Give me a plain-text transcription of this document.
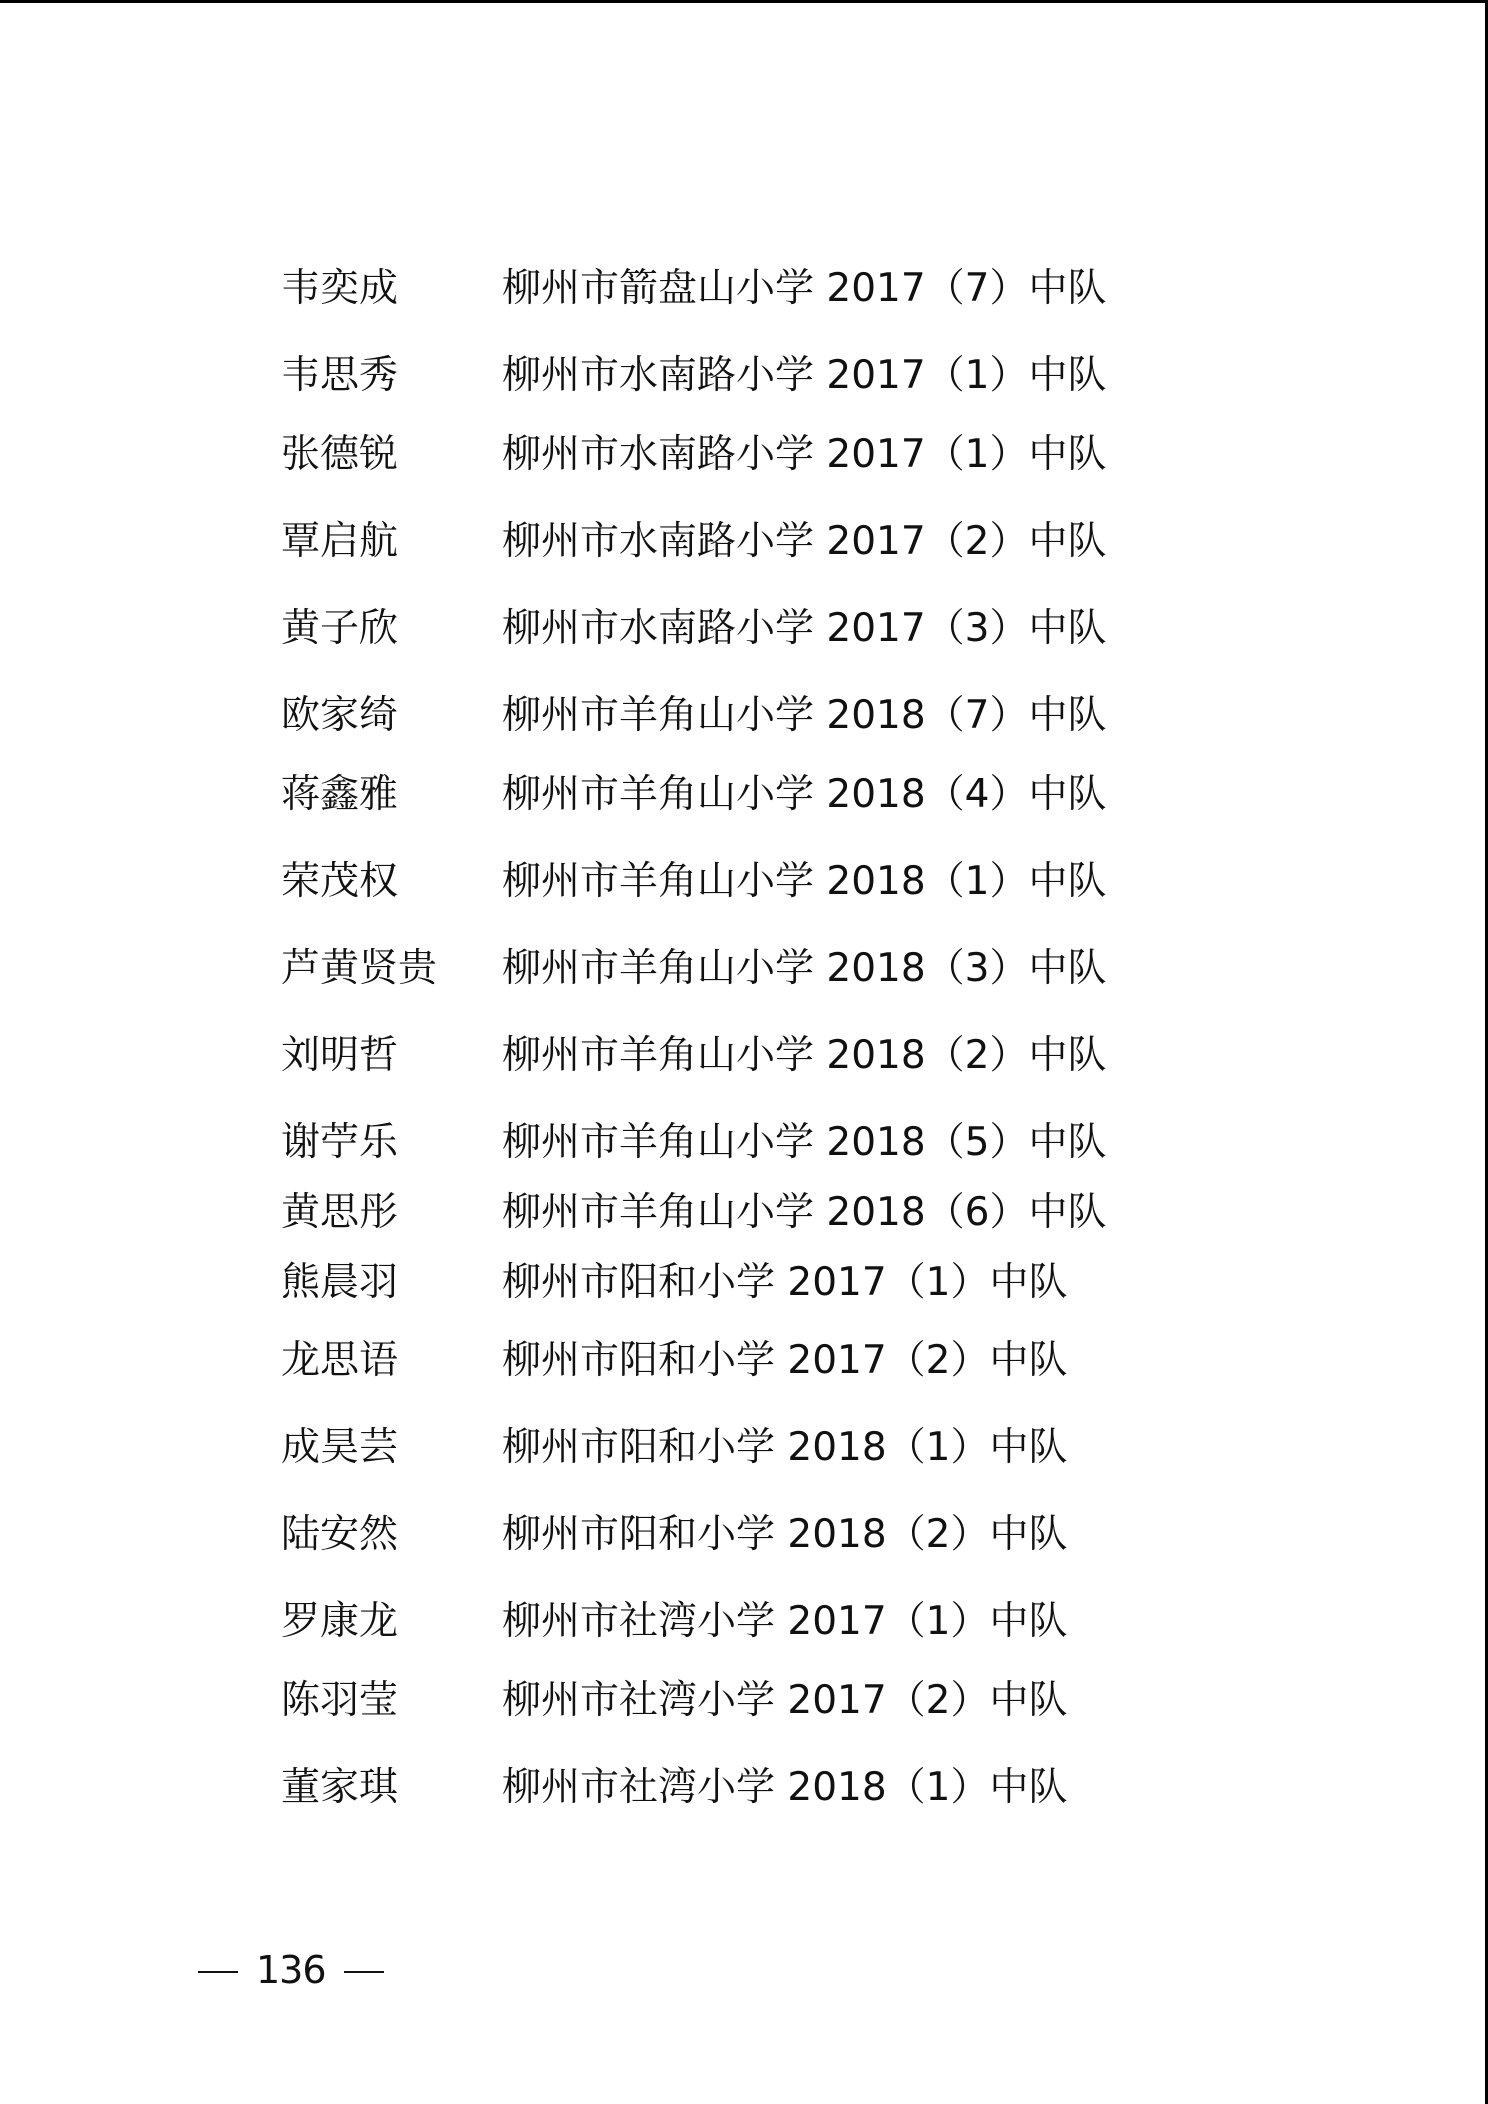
韦奕成	柳州市箭盘山小学 2017（7）中队
韦思秀	柳州市水南路小学 2017（1）中队
张德锐	柳州市水南路小学 2017（1）中队
覃启航	柳州市水南路小学 2017（2）中队
黄子欣	柳州市水南路小学 2017（3）中队
欧家绮	柳州市羊角山小学 2018（7）中队
蒋鑫雅	柳州市羊角山小学 2018（4）中队
荣茂权	柳州市羊角山小学 2018（1）中队
芦黄贤贵 柳州市羊角山小学 2018（3）中队
刘明哲	柳州市羊角山小学 2018（2）中队
谢苧乐	柳州市羊角山小学 2018（5）中队
黄思彤	柳州市羊角山小学 2018（6）中队
熊晨羽	柳州市阳和小学 2017（1）中队
龙思语	柳州市阳和小学 2017（2）中队
成昊芸	柳州市阳和小学 2018（1）中队
陆安然	柳州市阳和小学 2018（2）中队
罗康龙	柳州市社湾小学 2017（1）中队
陈羽莹	柳州市社湾小学 2017（2）中队
董家琪	柳州市社湾小学 2018（1）中队
136
